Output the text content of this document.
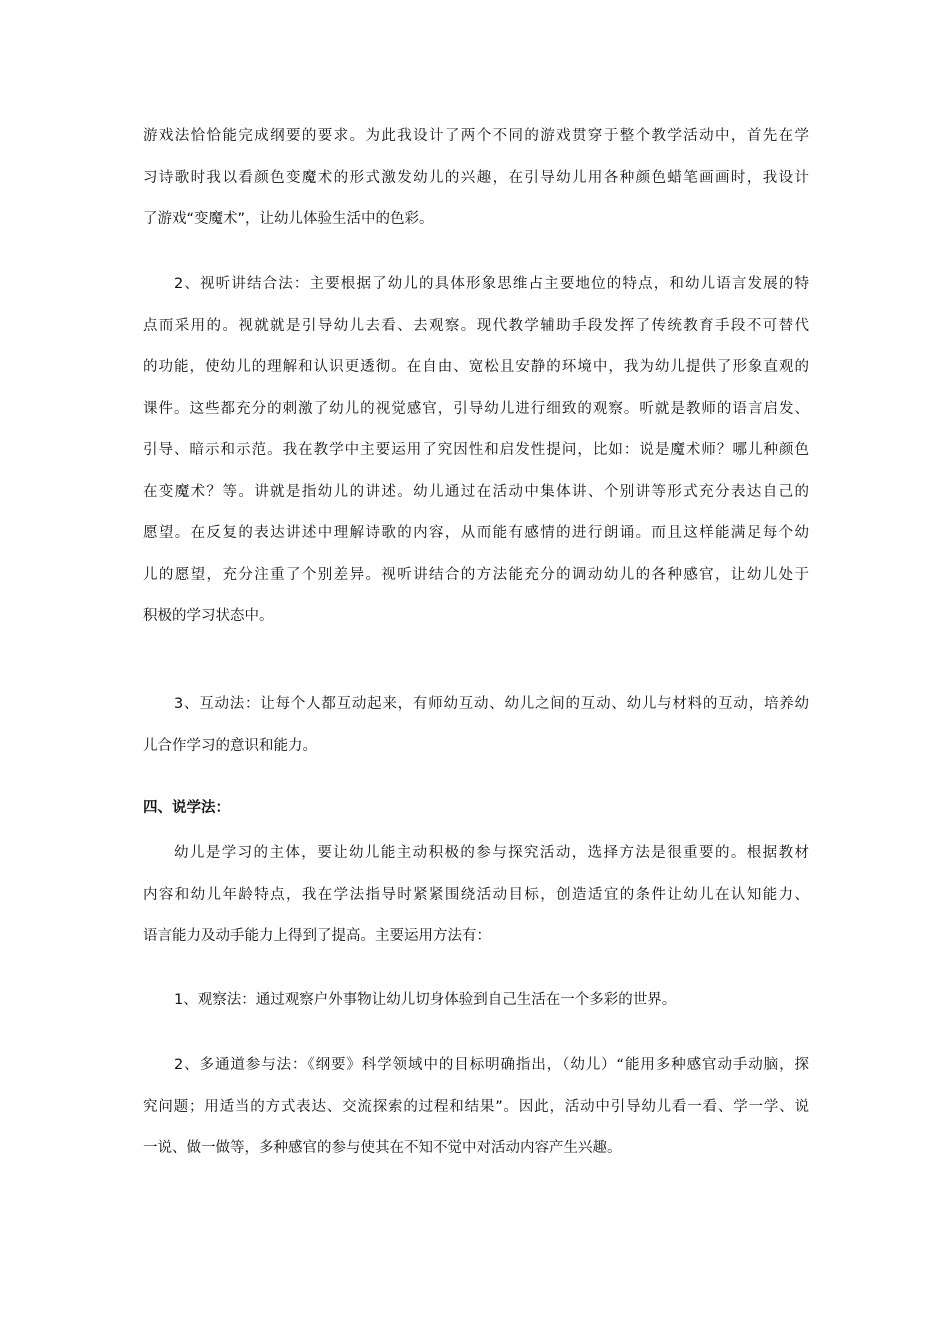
游戏法恰恰能完成纲要的要求。为此我设计了两个不同的游戏贯穿于整个教学活动中，首先在学
习诗歌时我以看颜色变魔术的形式激发幼儿的兴趣，在引导幼儿用各种颜色蜡笔画画时，我设计
了游戏“变魔术”，让幼儿体验生活中的色彩。

2、视听讲结合法：主要根据了幼儿的具体形象思维占主要地位的特点，和幼儿语言发展的特
点而采用的。视就就是引导幼儿去看、去观察。现代教学辅助手段发挥了传统教育手段不可替代
的功能，使幼儿的理解和认识更透彻。在自由、宽松且安静的环境中，我为幼儿提供了形象直观的
课件。这些都充分的刺激了幼儿的视觉感官，引导幼儿进行细致的观察。听就是教师的语言启发、
引导、暗示和示范。我在教学中主要运用了究因性和启发性提问，比如：说是魔术师？哪儿种颜色
在变魔术？等。讲就是指幼儿的讲述。幼儿通过在活动中集体讲、个别讲等形式充分表达自己的
愿望。在反复的表达讲述中理解诗歌的内容，从而能有感情的进行朗诵。而且这样能满足每个幼
儿的愿望，充分注重了个别差异。视听讲结合的方法能充分的调动幼儿的各种感官，让幼儿处于
积极的学习状态中。

3、互动法：让每个人都互动起来，有师幼互动、幼儿之间的互动、幼儿与材料的互动，培养幼
儿合作学习的意识和能力。

四、说学法：

幼儿是学习的主体，要让幼儿能主动积极的参与探究活动，选择方法是很重要的。根据教材
内容和幼儿年龄特点，我在学法指导时紧紧围绕活动目标，创造适宜的条件让幼儿在认知能力、
语言能力及动手能力上得到了提高。主要运用方法有：

1、观察法：通过观察户外事物让幼儿切身体验到自己生活在一个多彩的世界。

2、多通道参与法：《纲要》科学领域中的目标明确指出，（幼儿）“能用多种感官动手动脑，探
究问题；用适当的方式表达、交流探索的过程和结果”。因此，活动中引导幼儿看一看、学一学、说
一说、做一做等，多种感官的参与使其在不知不觉中对活动内容产生兴趣。
